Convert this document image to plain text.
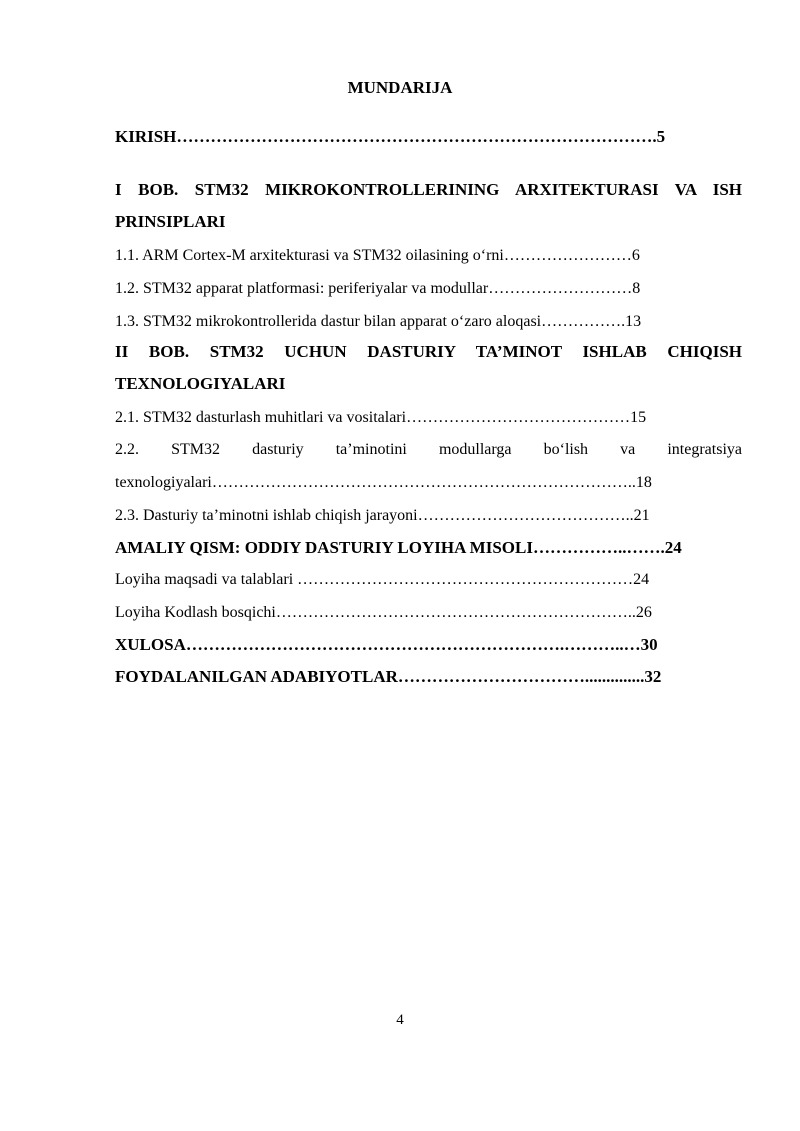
MUNDARIJA
KIRISH………………………………………………………………………….5
I BOB. STM32 MIKROKONTROLLERINING ARXITEKTURASI VA ISH
PRINSIPLARI
1.1. ARM Cortex-M arxitekturasi va STM32 oilasining o‘rni……………………6
1.2. STM32 apparat platformasi: periferiyalar va modullar………………………8
1.3. STM32 mikrokontrollerida dastur bilan apparat o‘zaro aloqasi…………….13
II BOB. STM32 UCHUN DASTURIY TA’MINOT ISHLAB CHIQISH
TEXNOLOGIYALARI
2.1. STM32 dasturlash muhitlari va vositalari……………………………………15
2.2. STM32 dasturiy ta’minotini modullarga bo‘lish va integratsiya
texnologiyalari……………………………………………………………………..18
2.3. Dasturiy ta’minotni ishlab chiqish jarayoni…………………………………..21
AMALIY QISM: ODDIY DASTURIY LOYIHA MISOLI……………..…….24
Loyiha maqsadi va talablari ………………………………………………………24
Loyiha Kodlash bosqichi…………………………………………………………..26
XULOSA………………………………………………………….………..…30
FOYDALANILGAN ADABIYOTLAR……………………………..............32
4
